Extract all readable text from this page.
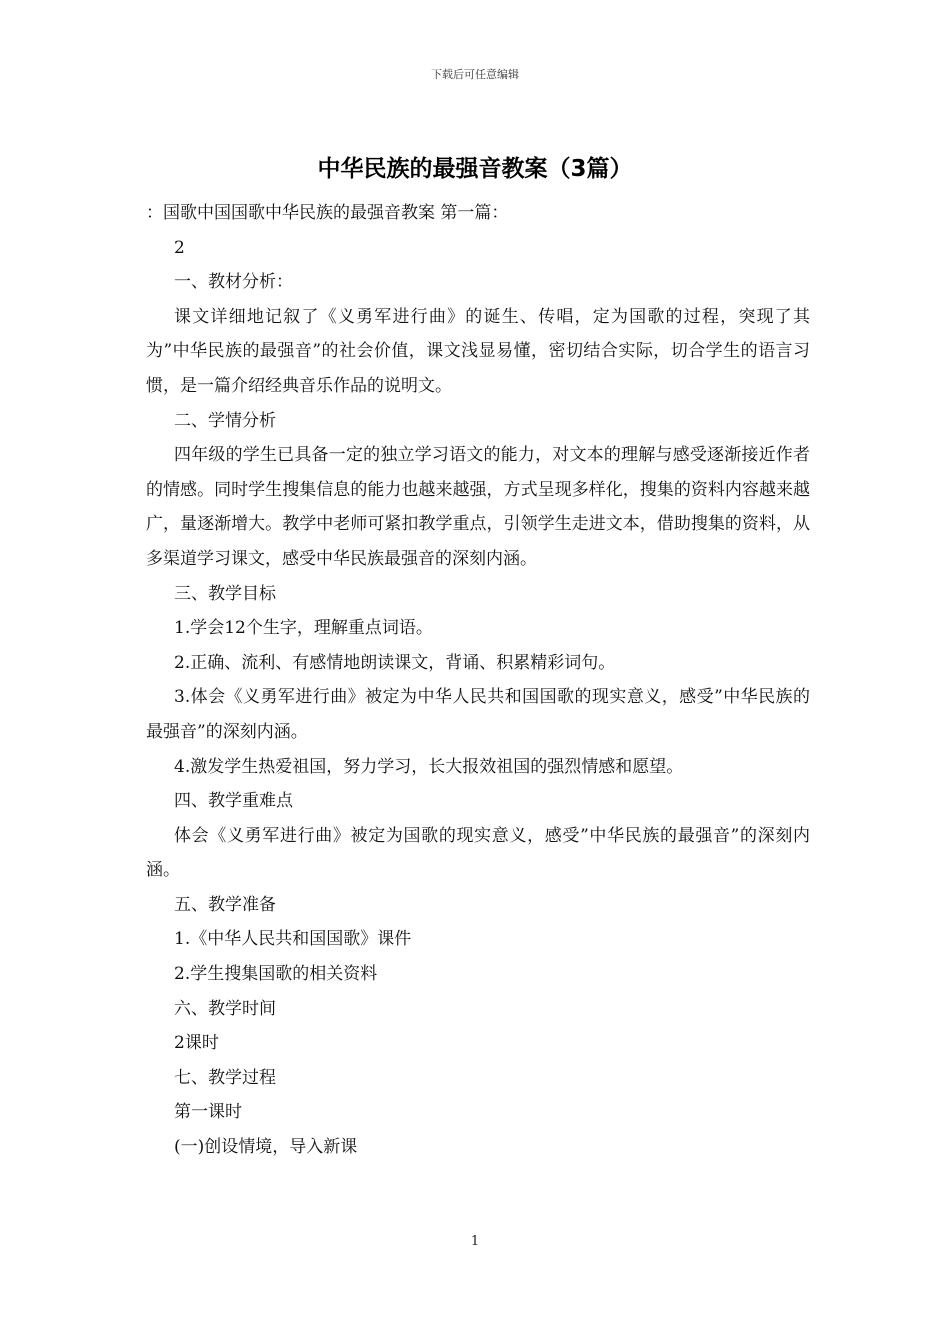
下载后可任意编辑
中华民族的最强音教案（3篇）

：国歌中国国歌中华民族的最强音教案 第一篇：

2

一、教材分析：

课文详细地记叙了《义勇军进行曲》的诞生、传唱，定为国歌的过程，突现了其为”中华民族的最强音”的社会价值，课文浅显易懂，密切结合实际，切合学生的语言习惯，是一篇介绍经典音乐作品的说明文。

二、学情分析

四年级的学生已具备一定的独立学习语文的能力，对文本的理解与感受逐渐接近作者的情感。同时学生搜集信息的能力也越来越强，方式呈现多样化，搜集的资料内容越来越广，量逐渐增大。教学中老师可紧扣教学重点，引领学生走进文本，借助搜集的资料，从多渠道学习课文，感受中华民族最强音的深刻内涵。

三、教学目标

1.学会12个生字，理解重点词语。

2.正确、流利、有感情地朗读课文，背诵、积累精彩词句。

3.体会《义勇军进行曲》被定为中华人民共和国国歌的现实意义，感受”中华民族的最强音”的深刻内涵。

4.激发学生热爱祖国，努力学习，长大报效祖国的强烈情感和愿望。

四、教学重难点

体会《义勇军进行曲》被定为国歌的现实意义，感受”中华民族的最强音”的深刻内涵。

五、教学准备

1.《中华人民共和国国歌》课件

2.学生搜集国歌的相关资料

六、教学时间

2课时

七、教学过程

第一课时

(一)创设情境，导入新课

1
